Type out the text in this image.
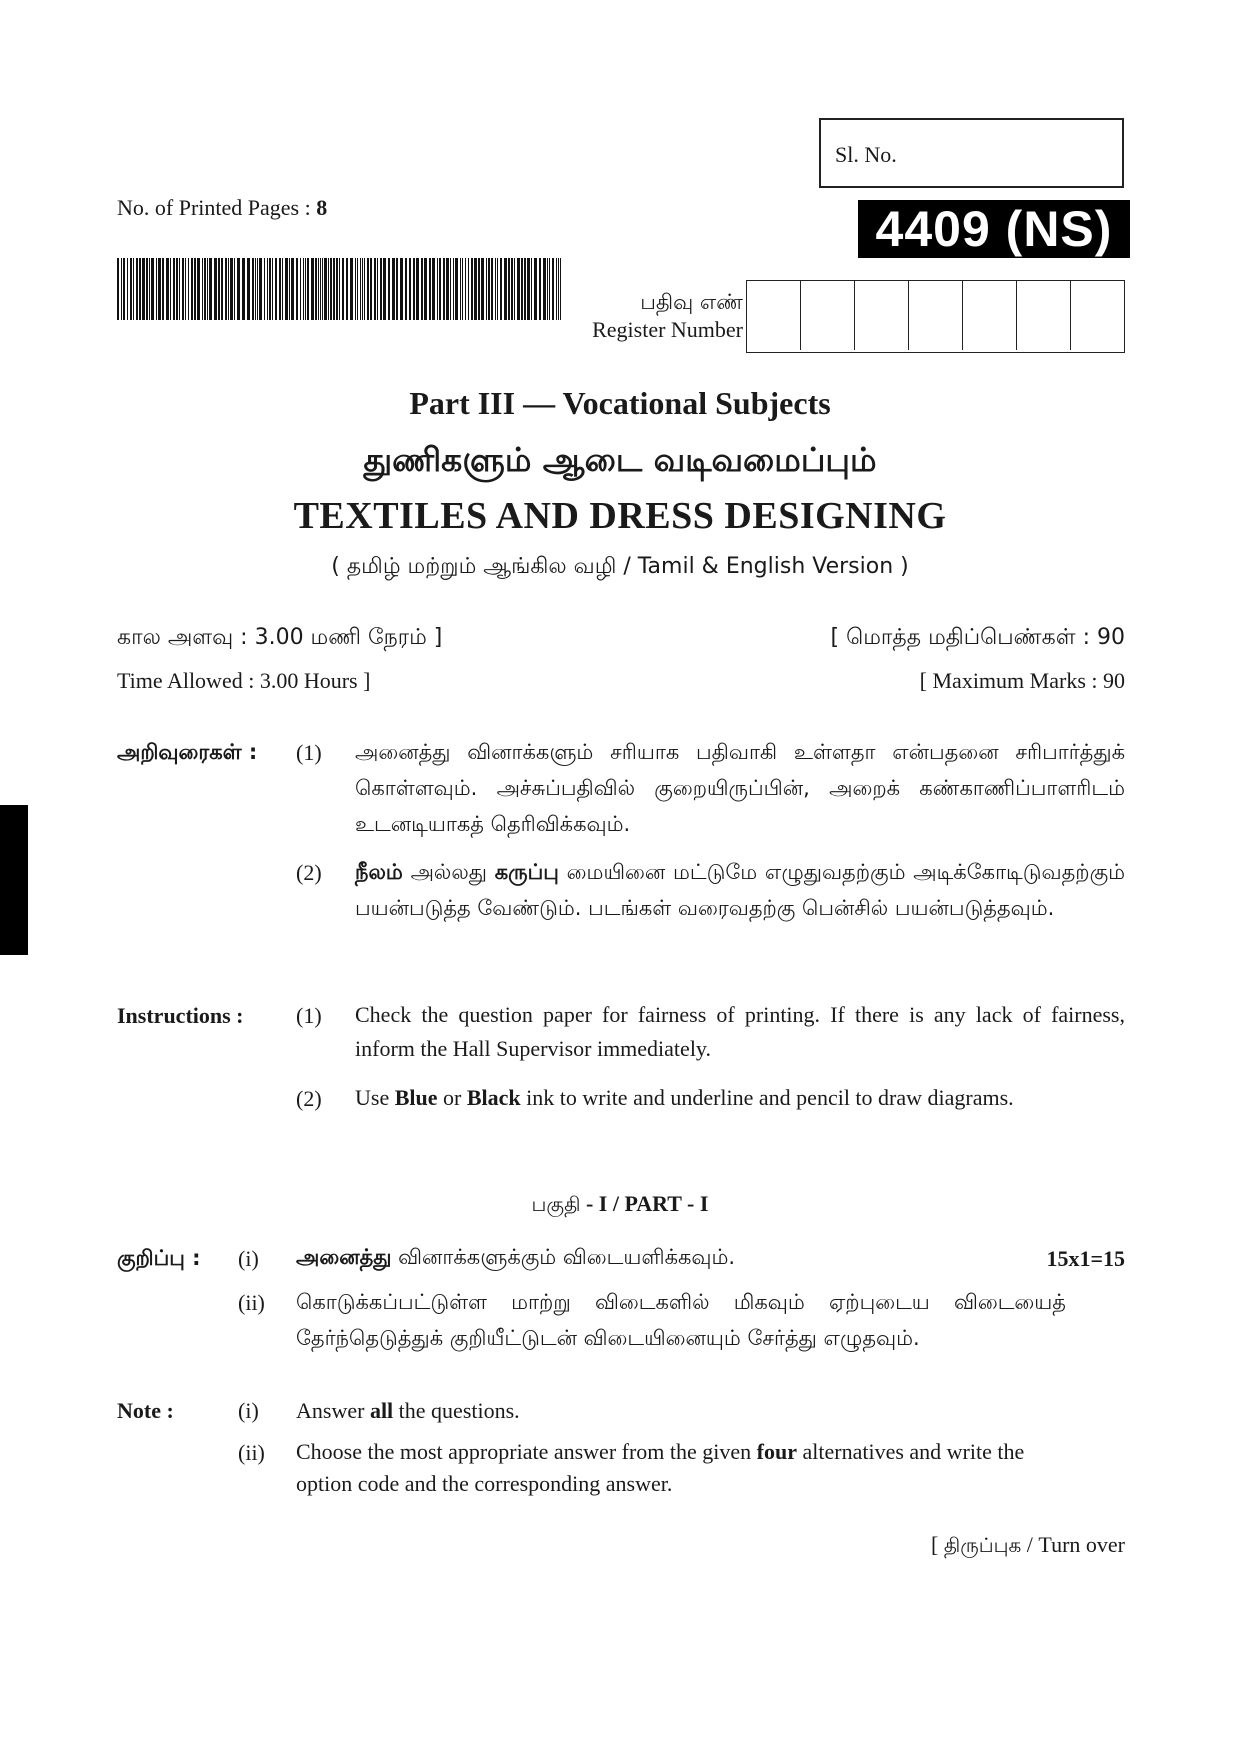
Sl. No.
4409 (NS)
No. of Printed Pages : 8
பதிவு எண்
Register Number
Part III — Vocational Subjects
துணிகளும் ஆடை வடிவமைப்பும்
TEXTILES AND DRESS DESIGNING
( தமிழ் மற்றும் ஆங்கில வழி / Tamil & English Version )
கால அளவு : 3.00 மணி நேரம் ]	[ மொத்த மதிப்பெண்கள் : 90
Time Allowed : 3.00 Hours ]	[ Maximum Marks : 90
அறிவுரைகள் : (1) அனைத்து வினாக்களும் சரியாக பதிவாகி உள்ளதா என்பதனை சரிபார்த்துக் கொள்ளவும். அச்சுப்பதிவில் குறையிருப்பின், அறைக் கண்காணிப்பாளரிடம் உடனடியாகத் தெரிவிக்கவும்.
(2) நீலம் அல்லது கருப்பு மையினை மட்டுமே எழுதுவதற்கும் அடிக்கோடிடுவதற்கும் பயன்படுத்த வேண்டும். படங்கள் வரைவதற்கு பென்சில் பயன்படுத்தவும்.
Instructions : (1) Check the question paper for fairness of printing. If there is any lack of fairness, inform the Hall Supervisor immediately.
(2) Use Blue or Black ink to write and underline and pencil to draw diagrams.
பகுதி - I / PART - I
குறிப்பு : (i) அனைத்து வினாக்களுக்கும் விடையளிக்கவும்.	15x1=15
(ii) கொடுக்கப்பட்டுள்ள மாற்று விடைகளில் மிகவும் ஏற்புடைய விடையைத் தேர்ந்தெடுத்துக் குறியீட்டுடன் விடையினையும் சேர்த்து எழுதவும்.
Note :	(i) Answer all the questions.
(ii) Choose the most appropriate answer from the given four alternatives and write the option code and the corresponding answer.
[ திருப்புக / Turn over
